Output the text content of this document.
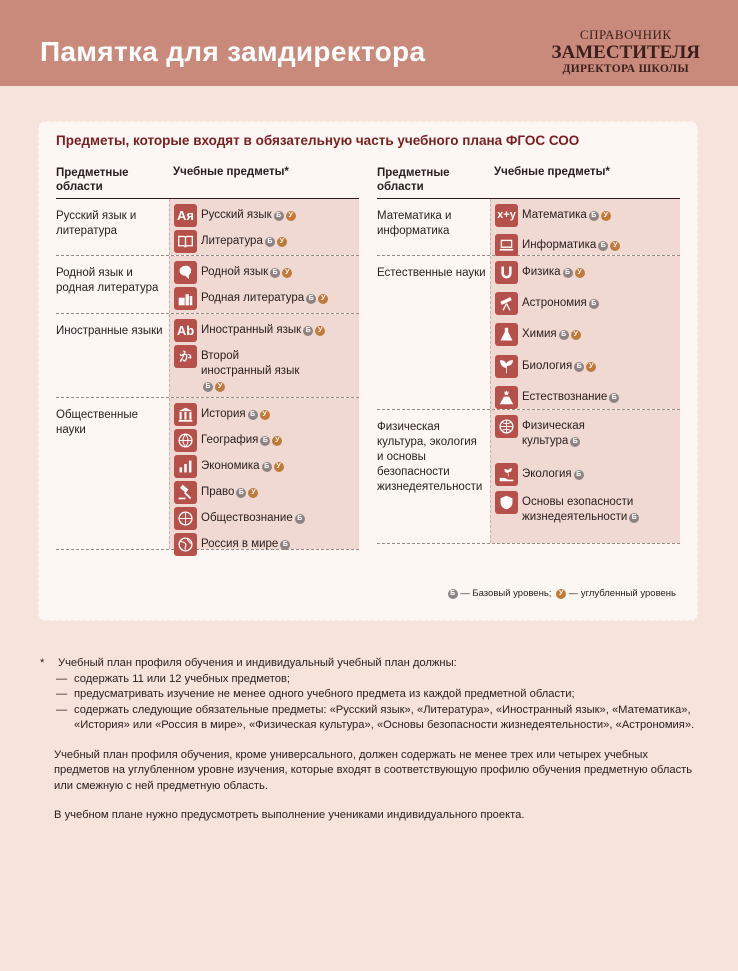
Памятка для замдиректора
СПРАВОЧНИК
ЗАМЕСТИТЕЛЯ
ДИРЕКТОРА ШКОЛЫ
Предметы, которые входят в обязательную часть учебного плана ФГОС СОО
Предметные
области
Учебные предметы*
Русский язык и литература
Ая Русский язык Б У
Литература Б У
Родной язык и родная литература
Родной язык Б У
Родная литература Б У
Иностранные языки Ab Иностранный язык Б У
か Второй иностранный языкБ У
Общественные науки
История Б У
География Б У
Экономика Б У
Право Б У
Обществознание Б
Россия в мире Б
Предметные
области
Учебные предметы*
Математика и информатика
x+y Математика Б У
Информатика Б У
Естественные науки	Физика Б У
Астрономия Б
Химия Б У
Биология Б У
Естествознание Б
Физическая культура, экология и основы безопасности жизнедеятельности
Физическая культура Б
Экология Б
Основы езопасности жизнедеятельности Б
Б — Базовый уровень; У — углубленный уровень
* Учебный план профиля обучения и индивидуальный учебный план должны:
— содержать 11 или 12 учебных предметов;
— предусматривать изучение не менее одного учебного предмета из каждой предметной области;
— содержать следующие обязательные предметы: «Русский язык», «Литература», «Иностранный язык», «Математика», «История» или «Россия в мире», «Физическая культура», «Основы безопасности жизнедеятельности», «Астрономия».
Учебный план профиля обучения, кроме универсального, должен содержать не менее трех или четырех учебных предметов на углубленном уровне изучения, которые входят в соответствующую профилю обучения предметную область или смежную с ней предметную область.
В учебном плане нужно предусмотреть выполнение учениками индивидуального проекта.
